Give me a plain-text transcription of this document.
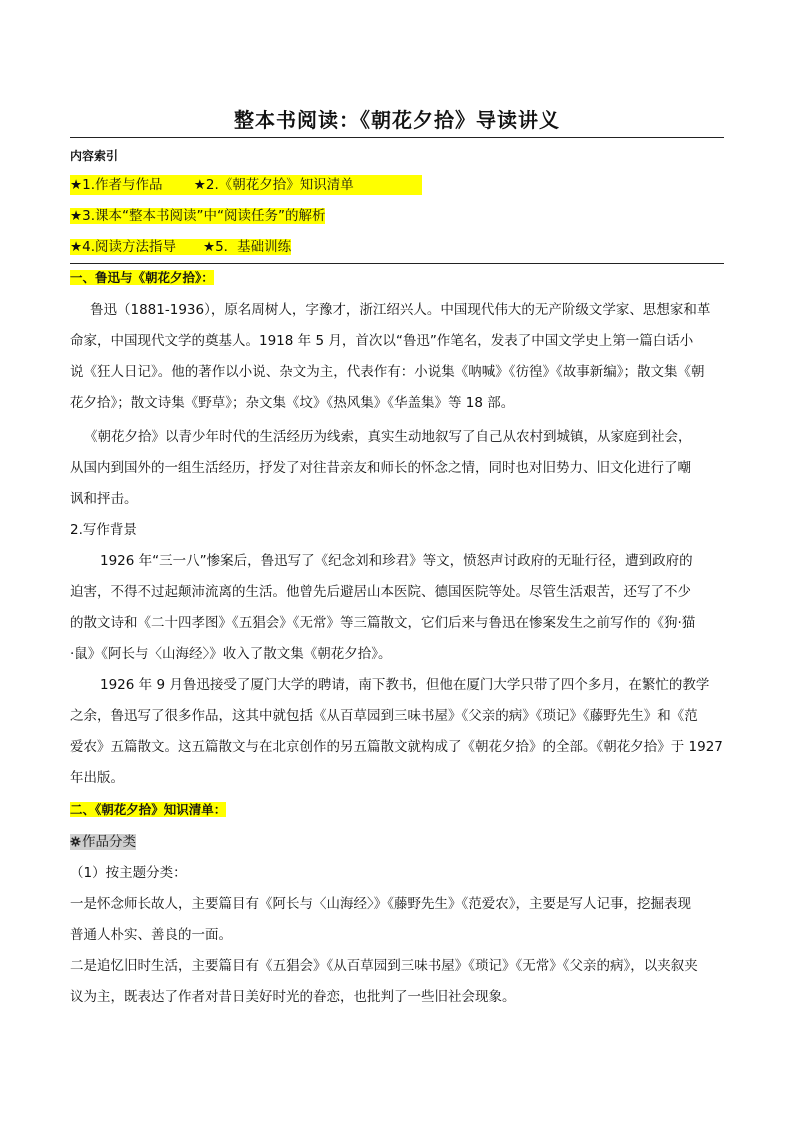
整本书阅读：《朝花夕拾》导读讲义
内容索引
★1.作者与作品　　 ★2.《朝花夕拾》知识清单
★3.课本“整本书阅读”中“阅读任务”的解析
★4.阅读方法指导　　★5．基础训练
一、鲁迅与《朝花夕拾》：
鲁迅（1881-1936），原名周树人，字豫才，浙江绍兴人。中国现代伟大的无产阶级文学家、思想家和革
命家，中国现代文学的奠基人。1918 年 5 月，首次以“鲁迅”作笔名，发表了中国文学史上第一篇白话小
说《狂人日记》。他的著作以小说、杂文为主，代表作有：小说集《呐喊》《彷徨》《故事新编》；散文集《朝
花夕拾》；散文诗集《野草》；杂文集《坟》《热风集》《华盖集》等 18 部。
《朝花夕拾》以青少年时代的生活经历为线索，真实生动地叙写了自己从农村到城镇，从家庭到社会，
从国内到国外的一组生活经历，抒发了对往昔亲友和师长的怀念之情，同时也对旧势力、旧文化进行了嘲
讽和抨击。
2.写作背景
1926 年“三一八”惨案后，鲁迅写了《纪念刘和珍君》等文，愤怒声讨政府的无耻行径，遭到政府的
迫害，不得不过起颠沛流离的生活。他曾先后避居山本医院、德国医院等处。尽管生活艰苦，还写了不少
的散文诗和《二十四孝图》《五猖会》《无常》等三篇散文，它们后来与鲁迅在惨案发生之前写作的《狗·猫
·鼠》《阿长与〈山海经〉》收入了散文集《朝花夕拾》。
1926 年 9 月鲁迅接受了厦门大学的聘请，南下教书，但他在厦门大学只带了四个多月，在繁忙的教学
之余，鲁迅写了很多作品，这其中就包括《从百草园到三味书屋》《父亲的病》《琐记》《藤野先生》和《范
爱农》五篇散文。这五篇散文与在北京创作的另五篇散文就构成了《朝花夕拾》的全部。《朝花夕拾》于 1927
年出版。
二、《朝花夕拾》知识清单：
作品分类
（1）按主题分类：
一是怀念师长故人，主要篇目有《阿长与〈山海经〉》《藤野先生》《范爱农》，主要是写人记事，挖掘表现
普通人朴实、善良的一面。
二是追忆旧时生活，主要篇目有《五猖会》《从百草园到三味书屋》《琐记》《无常》《父亲的病》，以夹叙夹
议为主，既表达了作者对昔日美好时光的眷恋，也批判了一些旧社会现象。
